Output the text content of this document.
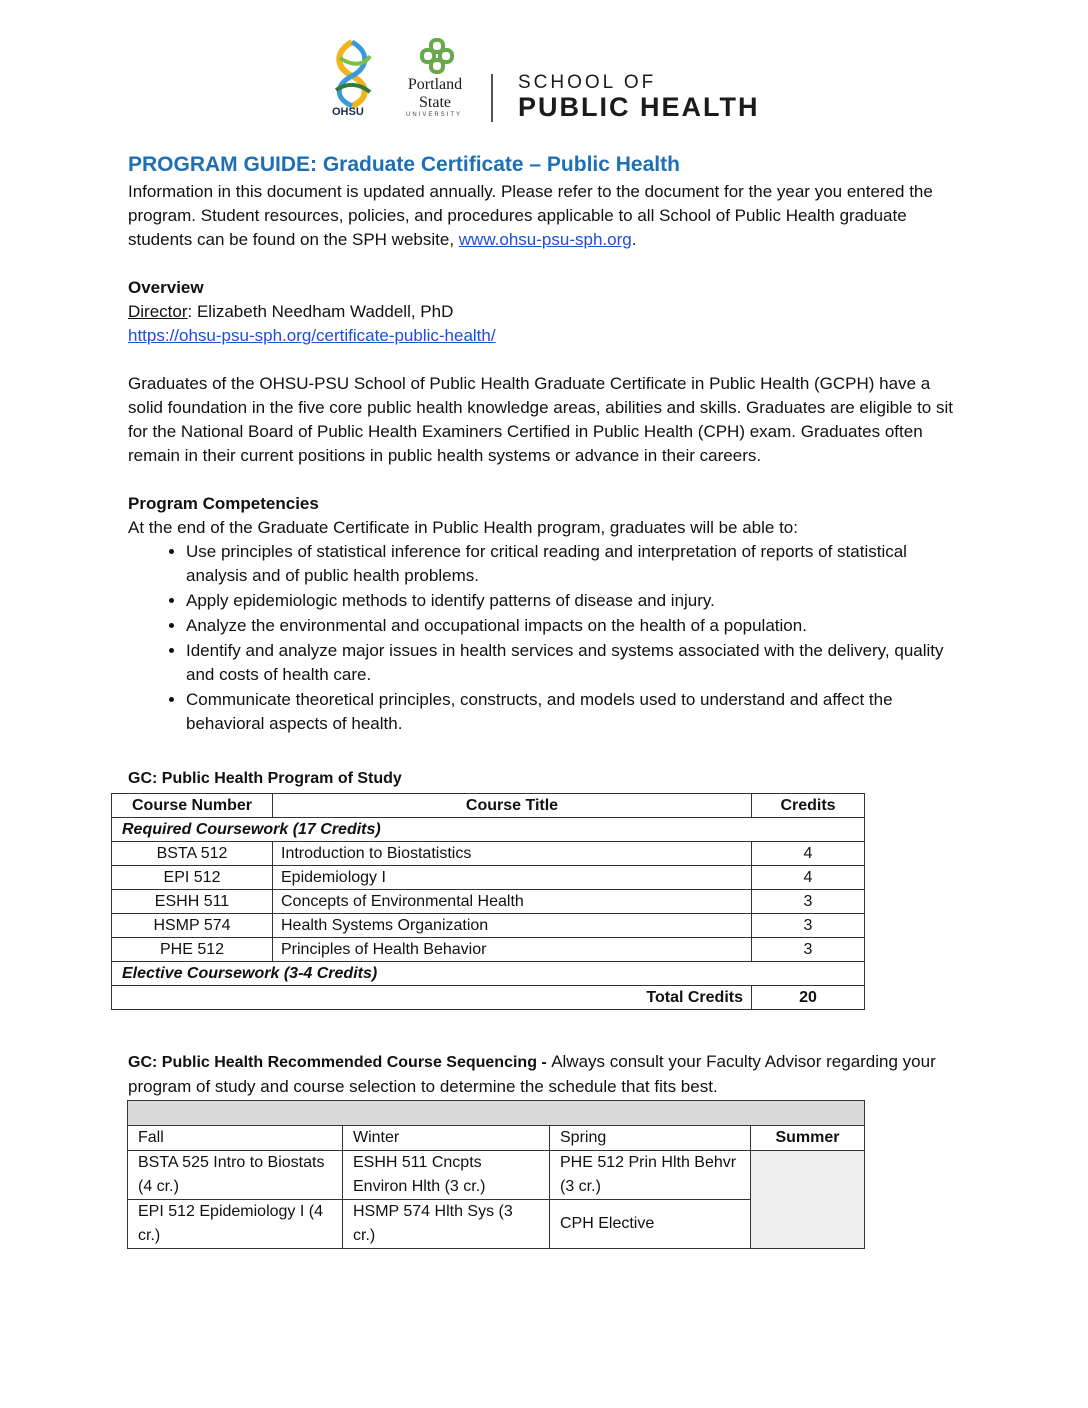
OHSU
Portland
State
UNIVERSITY
SCHOOL OF
PUBLIC HEALTH
PROGRAM GUIDE: Graduate Certificate – Public Health

Information in this document is updated annually. Please refer to the document for the year you entered the program. Student resources, policies, and procedures applicable to all School of Public Health graduate students can be found on the SPH website, www.ohsu-psu-sph.org.

Overview

Director: Elizabeth Needham Waddell, PhD

https://ohsu-psu-sph.org/certificate-public-health/

Graduates of the OHSU-PSU School of Public Health Graduate Certificate in Public Health (GCPH) have a solid foundation in the five core public health knowledge areas, abilities and skills. Graduates are eligible to sit for the National Board of Public Health Examiners Certified in Public Health (CPH) exam. Graduates often remain in their current positions in public health systems or advance in their careers.

Program Competencies

At the end of the Graduate Certificate in Public Health program, graduates will be able to:

• Use principles of statistical inference for critical reading and interpretation of reports of statistical analysis and of public health problems.
• Apply epidemiologic methods to identify patterns of disease and injury.
• Analyze the environmental and occupational impacts on the health of a population.
• Identify and analyze major issues in health services and systems associated with the delivery, quality and costs of health care.
• Communicate theoretical principles, constructs, and models used to understand and affect the behavioral aspects of health.
GC: Public Health Program of Study
Course Number	Course Title	Credits
Required Coursework (17 Credits)		
BSTA 512	Introduction to Biostatistics	4
EPI 512	Epidemiology I	4
ESHH 511	Concepts of Environmental Health	3
HSMP 574	Health Systems Organization	3
PHE 512	Principles of Health Behavior	3
Elective Coursework (3-4 Credits)		
Total Credits		20
GC: Public Health Recommended Course Sequencing - Always consult your Faculty Advisor regarding your program of study and course selection to determine the schedule that fits best.

Fall	Winter	Spring	Summer
BSTA 525 Intro to Biostats (4 cr.)	ESHH 511 Cncpts Environ Hlth (3 cr.)	PHE 512 Prin Hlth Behvr (3 cr.)	
EPI 512 Epidemiology I (4 cr.)	HSMP 574 Hlth Sys (3 cr.)	CPH Elective	
